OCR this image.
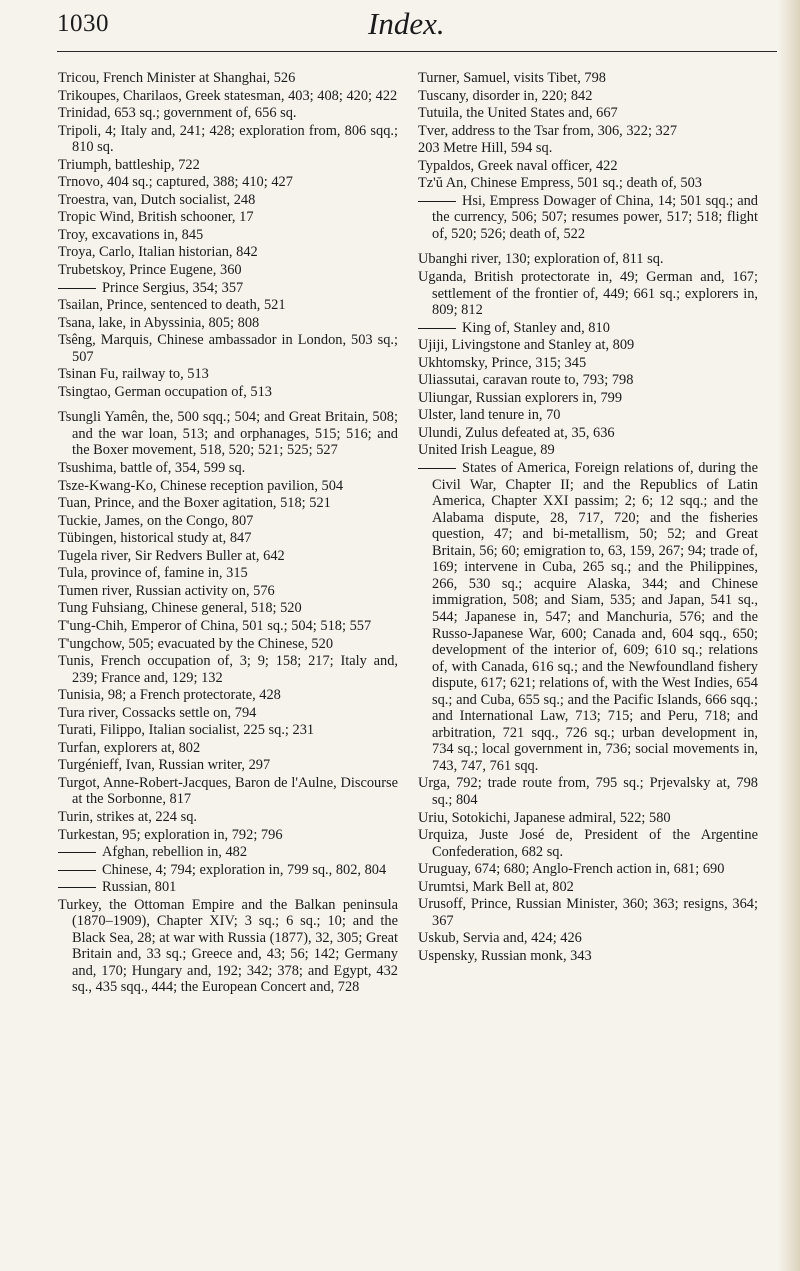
1030	Index.
Tricou, French Minister at Shanghai, 526
Trikoupes, Charilaos, Greek statesman, 403; 408; 420; 422
Trinidad, 653 sq.; government of, 656 sq.
Tripoli, 4; Italy and, 241; 428; exploration from, 806 sqq.; 810 sq.
Triumph, battleship, 722
Trnovo, 404 sq.; captured, 388; 410; 427
Troestra, van, Dutch socialist, 248
Tropic Wind, British schooner, 17
Troy, excavations in, 845
Troya, Carlo, Italian historian, 842
Trubetskoy, Prince Eugene, 360
Prince Sergius, 354; 357
Tsailan, Prince, sentenced to death, 521
Tsana, lake, in Abyssinia, 805; 808
Tsêng, Marquis, Chinese ambassador in London, 503 sq.; 507
Tsinan Fu, railway to, 513
Tsingtao, German occupation of, 513
Tsungli Yamên, the, 500 sqq.; 504; and Great Britain, 508; and the war loan, 513; and orphanages, 515; 516; and the Boxer movement, 518, 520; 521; 525; 527
Tsushima, battle of, 354, 599 sq.
Tsze-Kwang-Ko, Chinese reception pavilion, 504
Tuan, Prince, and the Boxer agitation, 518; 521
Tuckie, James, on the Congo, 807
Tübingen, historical study at, 847
Tugela river, Sir Redvers Buller at, 642
Tula, province of, famine in, 315
Tumen river, Russian activity on, 576
Tung Fuhsiang, Chinese general, 518; 520
T'ung-Chih, Emperor of China, 501 sq.; 504; 518; 557
T'ungchow, 505; evacuated by the Chinese, 520
Tunis, French occupation of, 3; 9; 158; 217; Italy and, 239; France and, 129; 132
Tunisia, 98; a French protectorate, 428
Tura river, Cossacks settle on, 794
Turati, Filippo, Italian socialist, 225 sq.; 231
Turfan, explorers at, 802
Turgénieff, Ivan, Russian writer, 297
Turgot, Anne-Robert-Jacques, Baron de l'Aulne, Discourse at the Sorbonne, 817
Turin, strikes at, 224 sq.
Turkestan, 95; exploration in, 792; 796
Afghan, rebellion in, 482
Chinese, 4; 794; exploration in, 799 sq., 802, 804
Russian, 801
Turkey, the Ottoman Empire and the Balkan peninsula (1870–1909), Chapter XIV; 3 sq.; 6 sq.; 10; and the Black Sea, 28; at war with Russia (1877), 32, 305; Great Britain and, 33 sq.; Greece and, 43; 56; 142; Germany and, 170; Hungary and, 192; 342; 378; and Egypt, 432 sq., 435 sqq., 444; the European Concert and, 728
Turner, Samuel, visits Tibet, 798
Tuscany, disorder in, 220; 842
Tutuila, the United States and, 667
Tver, address to the Tsar from, 306, 322; 327
203 Metre Hill, 594 sq.
Typaldos, Greek naval officer, 422
Tz'ŭ An, Chinese Empress, 501 sq.; death of, 503
Hsi, Empress Dowager of China, 14; 501 sqq.; and the currency, 506; 507; resumes power, 517; 518; flight of, 520; 526; death of, 522
Ubanghi river, 130; exploration of, 811 sq.
Uganda, British protectorate in, 49; German and, 167; settlement of the frontier of, 449; 661 sq.; explorers in, 809; 812
King of, Stanley and, 810
Ujiji, Livingstone and Stanley at, 809
Ukhtomsky, Prince, 315; 345
Uliassutai, caravan route to, 793; 798
Uliungar, Russian explorers in, 799
Ulster, land tenure in, 70
Ulundi, Zulus defeated at, 35, 636
United Irish League, 89
States of America, Foreign relations of, during the Civil War, Chapter II; and the Republics of Latin America, Chapter XXI passim; 2; 6; 12 sqq.; and the Alabama dispute, 28, 717, 720; and the fisheries question, 47; and bi-metallism, 50; 52; and Great Britain, 56; 60; emigration to, 63, 159, 267; 94; trade of, 169; intervene in Cuba, 265 sq.; and the Philippines, 266, 530 sq.; acquire Alaska, 344; and Chinese immigration, 508; and Siam, 535; and Japan, 541 sq., 544; Japanese in, 547; and Manchuria, 576; and the Russo-Japanese War, 600; Canada and, 604 sqq., 650; development of the interior of, 609; 610 sq.; relations of, with Canada, 616 sq.; and the Newfoundland fishery dispute, 617; 621; relations of, with the West Indies, 654 sq.; and Cuba, 655 sq.; and the Pacific Islands, 666 sqq.; and International Law, 713; 715; and Peru, 718; and arbitration, 721 sqq., 726 sq.; urban development in, 734 sq.; local government in, 736; social movements in, 743, 747, 761 sqq.
Urga, 792; trade route from, 795 sq.; Prjevalsky at, 798 sq.; 804
Uriu, Sotokichi, Japanese admiral, 522; 580
Urquiza, Juste José de, President of the Argentine Confederation, 682 sq.
Uruguay, 674; 680; Anglo-French action in, 681; 690
Urumtsi, Mark Bell at, 802
Urusoff, Prince, Russian Minister, 360; 363; resigns, 364; 367
Uskub, Servia and, 424; 426
Uspensky, Russian monk, 343
